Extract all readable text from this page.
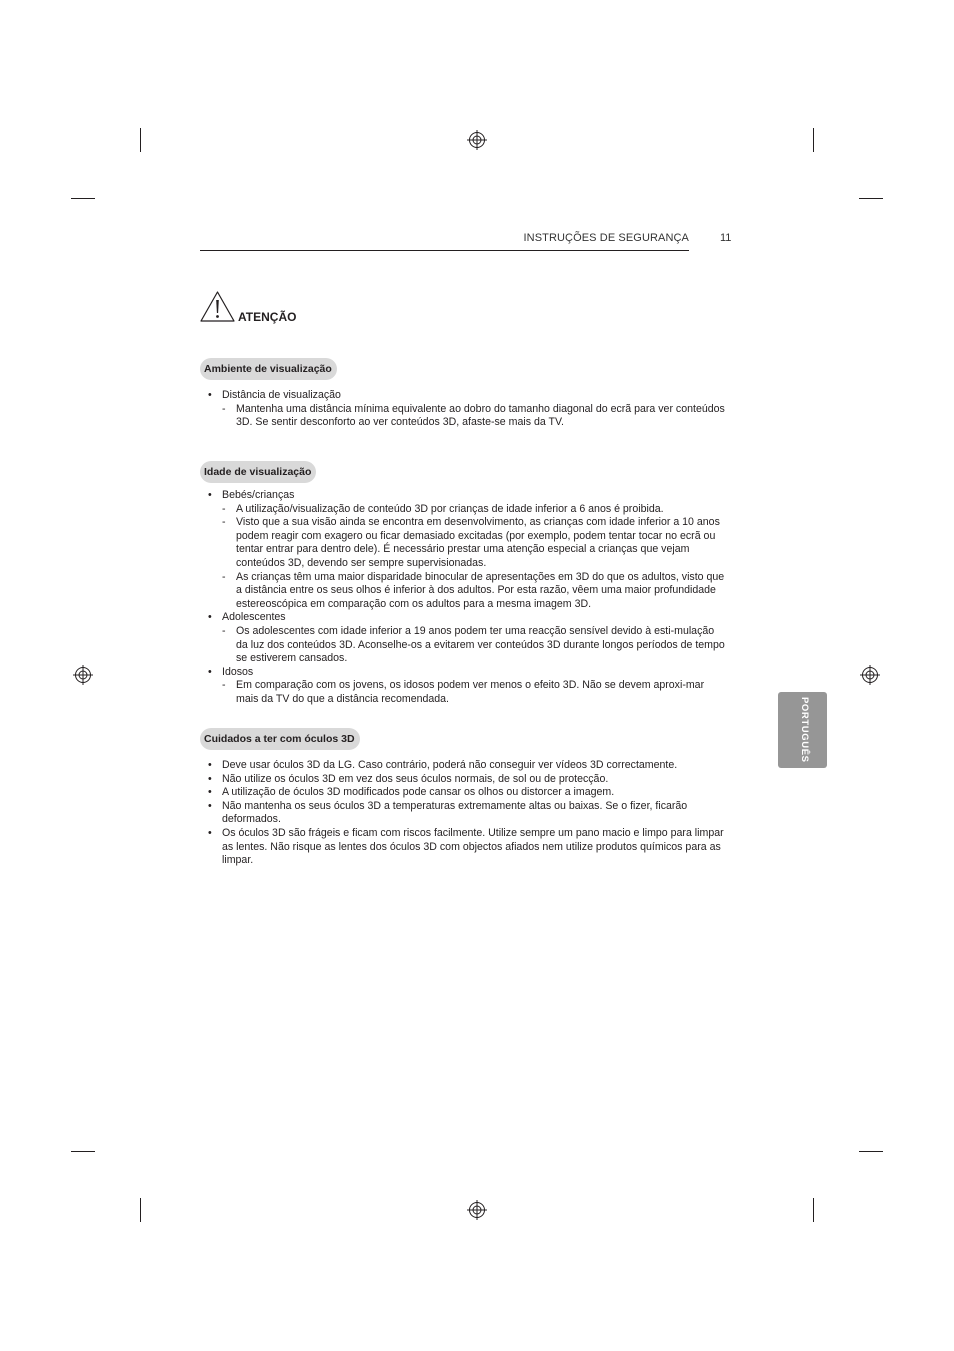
INSTRUÇÕES DE SEGURANÇA	11
ATENÇÃO
Ambiente de visualização
• Distância de visualização
- Mantenha uma distância mínima equivalente ao dobro do tamanho diagonal do ecrã para ver conteúdos 3D. Se sentir desconforto ao ver conteúdos 3D, afaste-se mais da TV.
Idade de visualização
• Bebés/crianças
- A utilização/visualização de conteúdo 3D por crianças de idade inferior a 6 anos é proibida.
- Visto que a sua visão ainda se encontra em desenvolvimento, as crianças com idade inferior a 10 anos podem reagir com exagero ou ficar demasiado excitadas (por exemplo, podem tentar tocar no ecrã ou tentar entrar para dentro dele). É necessário prestar uma atenção especial a crianças que vejam conteúdos 3D, devendo ser sempre supervisionadas.
- As crianças têm uma maior disparidade binocular de apresentações em 3D do que os adultos, visto que a distância entre os seus olhos é inferior à dos adultos. Por esta razão, vêem uma maior profundidade estereoscópica em comparação com os adultos para a mesma imagem 3D.
• Adolescentes
- Os adolescentes com idade inferior a 19 anos podem ter uma reacção sensível devido à esti-mulação da luz dos conteúdos 3D. Aconselhe-os a evitarem ver conteúdos 3D durante longos períodos de tempo se estiverem cansados.
• Idosos
- Em comparação com os jovens, os idosos podem ver menos o efeito 3D. Não se devem aproxi-mar mais da TV do que a distância recomendada.
Cuidados a ter com óculos 3D
• Deve usar óculos 3D da LG. Caso contrário, poderá não conseguir ver vídeos 3D correctamente.
• Não utilize os óculos 3D em vez dos seus óculos normais, de sol ou de protecção.
• A utilização de óculos 3D modificados pode cansar os olhos ou distorcer a imagem.
• Não mantenha os seus óculos 3D a temperaturas extremamente altas ou baixas. Se o fizer, ficarão deformados.
• Os óculos 3D são frágeis e ficam com riscos facilmente. Utilize sempre um pano macio e limpo para limpar as lentes. Não risque as lentes dos óculos 3D com objectos afiados nem utilize produtos químicos para as limpar.
PORTUGUÊS
